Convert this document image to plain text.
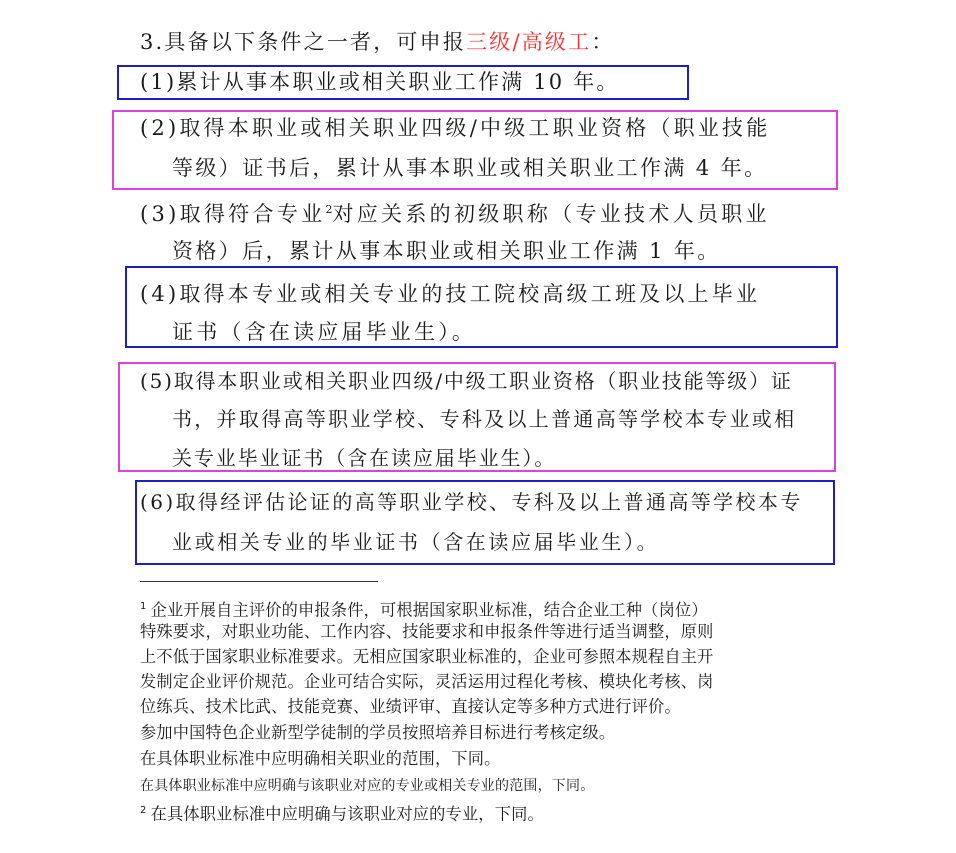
3.具备以下条件之一者，可申报三级/高级工：
(1)累计从事本职业或相关职业工作满 10 年。
(2)取得本职业或相关职业四级/中级工职业资格（职业技能
等级）证书后，累计从事本职业或相关职业工作满 4 年。
(3)取得符合专业$^2$对应关系的初级职称（专业技术人员职业
资格）后，累计从事本职业或相关职业工作满 1 年。
(4)取得本专业或相关专业的技工院校高级工班及以上毕业
证书（含在读应届毕业生）。
(5)取得本职业或相关职业四级/中级工职业资格（职业技能等级）证
书，并取得高等职业学校、专科及以上普通高等学校本专业或相
关专业毕业证书（含在读应届毕业生）。
(6)取得经评估论证的高等职业学校、专科及以上普通高等学校本专
业或相关专业的毕业证书（含在读应届毕业生）。
$^1$ 企业开展自主评价的申报条件，可根据国家职业标准，结合企业工种（岗位）
特殊要求，对职业功能、工作内容、技能要求和申报条件等进行适当调整，原则
上不低于国家职业标准要求。无相应国家职业标准的，企业可参照本规程自主开
发制定企业评价规范。企业可结合实际，灵活运用过程化考核、模块化考核、岗
位练兵、技术比武、技能竞赛、业绩评审、直接认定等多种方式进行评价。
参加中国特色企业新型学徒制的学员按照培养目标进行考核定级。
在具体职业标准中应明确相关职业的范围，下同。
在具体职业标准中应明确与该职业对应的专业或相关专业的范围，下同。
$^2$ 在具体职业标准中应明确与该职业对应的专业，下同。
